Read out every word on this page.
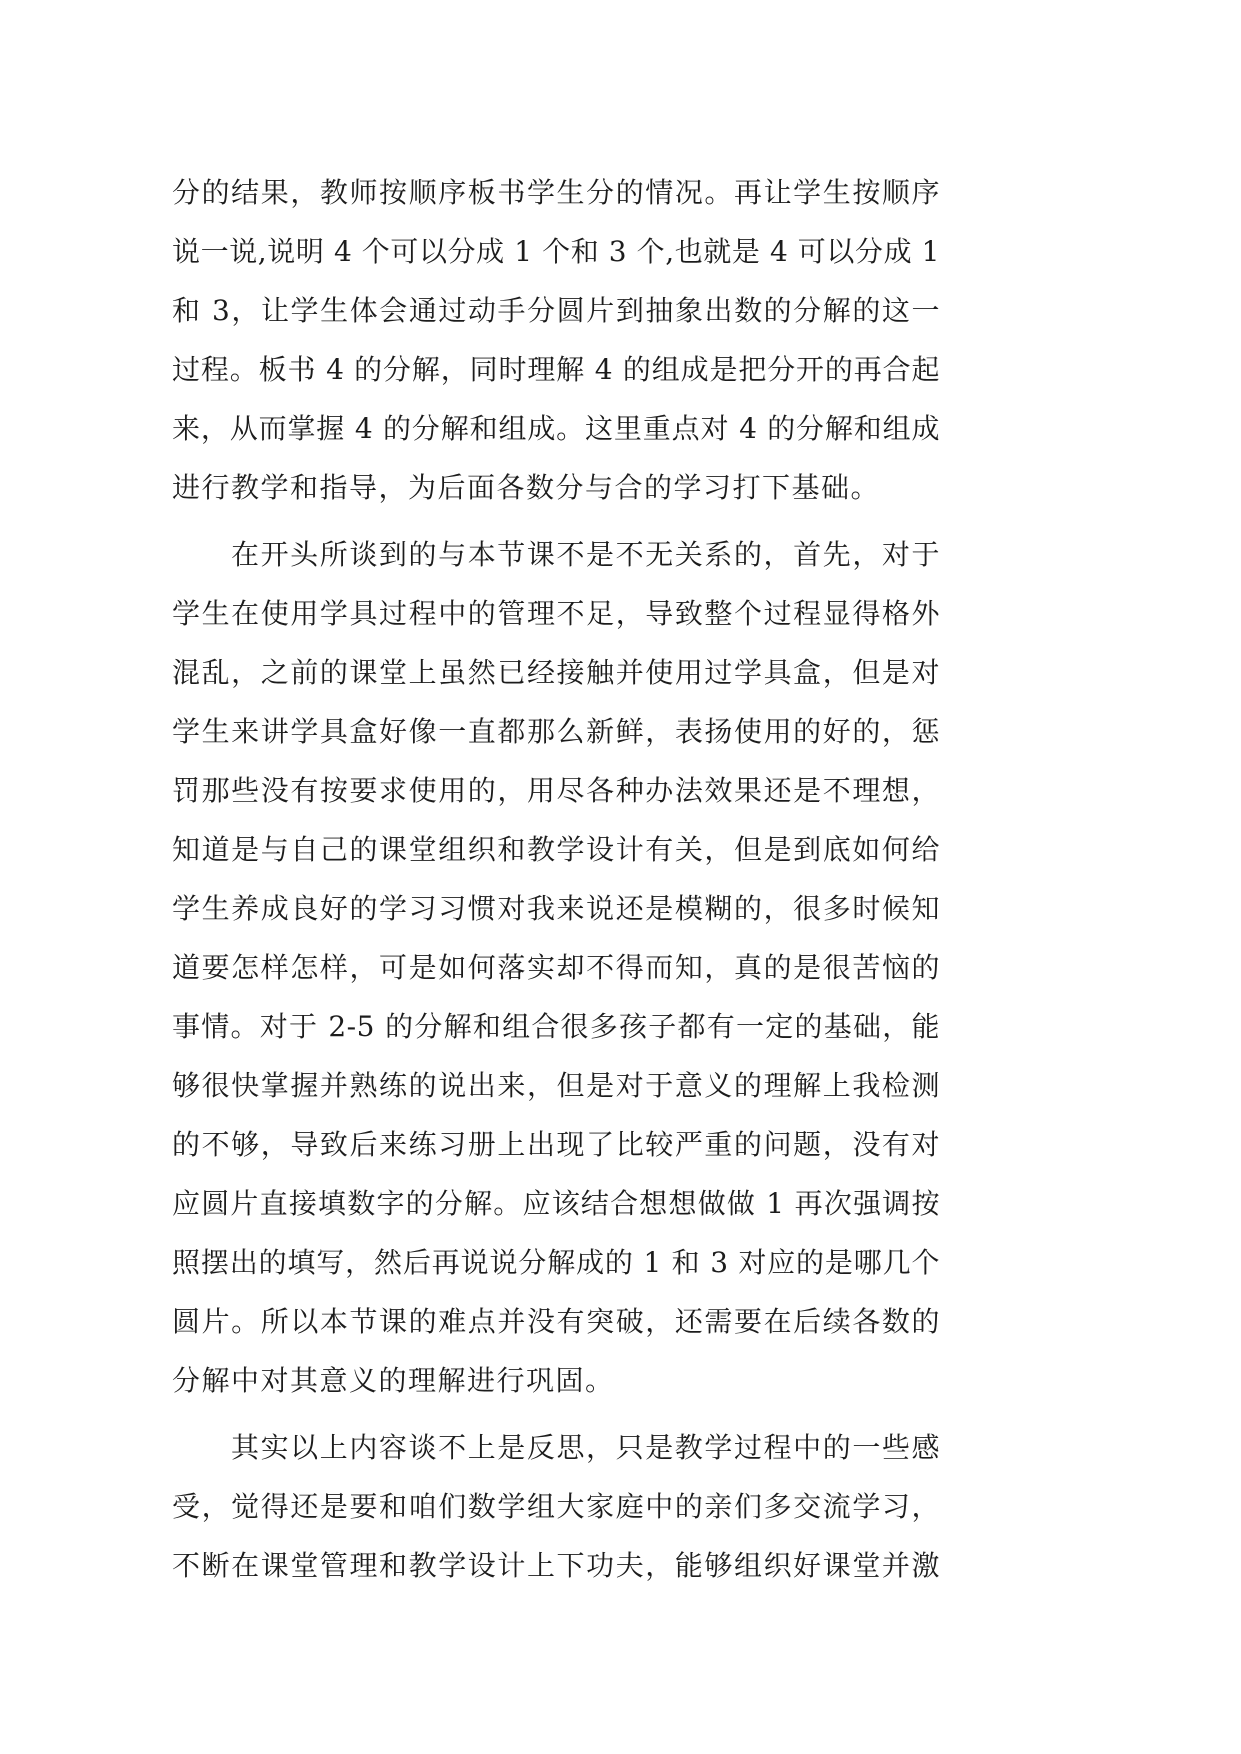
分的结果，教师按顺序板书学生分的情况。再让学生按顺序
说一说,说明 4 个可以分成 1 个和 3 个,也就是 4 可以分成 1
和 3，让学生体会通过动手分圆片到抽象出数的分解的这一
过程。板书 4 的分解，同时理解 4 的组成是把分开的再合起
来，从而掌握 4 的分解和组成。这里重点对 4 的分解和组成
进行教学和指导，为后面各数分与合的学习打下基础。
在开头所谈到的与本节课不是不无关系的，首先，对于
学生在使用学具过程中的管理不足，导致整个过程显得格外
混乱，之前的课堂上虽然已经接触并使用过学具盒，但是对
学生来讲学具盒好像一直都那么新鲜，表扬使用的好的，惩
罚那些没有按要求使用的，用尽各种办法效果还是不理想，
知道是与自己的课堂组织和教学设计有关，但是到底如何给
学生养成良好的学习习惯对我来说还是模糊的，很多时候知
道要怎样怎样，可是如何落实却不得而知，真的是很苦恼的
事情。对于 2-5 的分解和组合很多孩子都有一定的基础，能
够很快掌握并熟练的说出来，但是对于意义的理解上我检测
的不够，导致后来练习册上出现了比较严重的问题，没有对
应圆片直接填数字的分解。应该结合想想做做 1 再次强调按
照摆出的填写，然后再说说分解成的 1 和 3 对应的是哪几个
圆片。所以本节课的难点并没有突破，还需要在后续各数的
分解中对其意义的理解进行巩固。
其实以上内容谈不上是反思，只是教学过程中的一些感
受，觉得还是要和咱们数学组大家庭中的亲们多交流学习，
不断在课堂管理和教学设计上下功夫，能够组织好课堂并激
